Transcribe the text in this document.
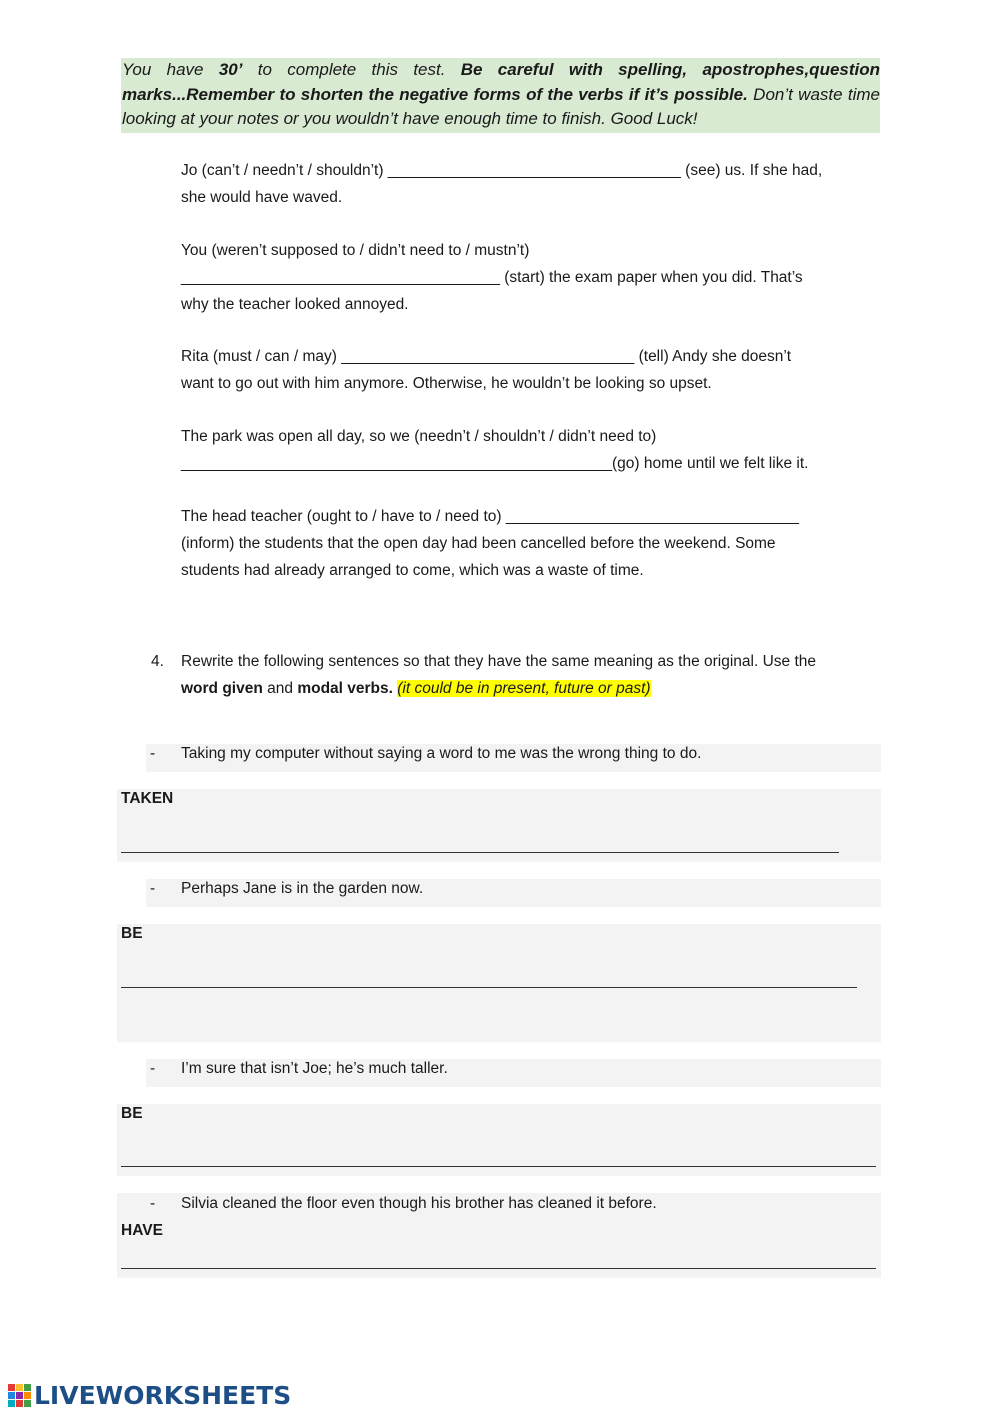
You have 30’ to complete this test. Be careful with spelling, apostrophes,question marks...Remember to shorten the negative forms of the verbs if it’s possible. Don’t waste time looking at your notes or you wouldn’t have enough time to finish. Good Luck!
Jo (can’t / needn’t / shouldn’t) __________________________________ (see) us. If she had,
she would have waved.
You (weren’t supposed to / didn’t need to / mustn’t)
_____________________________________ (start) the exam paper when you did. That’s
why the teacher looked annoyed.
Rita (must / can / may) __________________________________ (tell) Andy she doesn’t
want to go out with him anymore. Otherwise, he wouldn’t be looking so upset.
The park was open all day, so we (needn’t / shouldn’t / didn’t need to)
__________________________________________________(go) home until we felt like it.
The head teacher (ought to / have to / need to) __________________________________
(inform) the students that the open day had been cancelled before the weekend. Some
students had already arranged to come, which was a waste of time.
4. Rewrite the following sentences so that they have the same meaning as the original. Use the
word given and modal verbs. (it could be in present, future or past)
- Taking my computer without saying a word to me was the wrong thing to do.
TAKEN
- Perhaps Jane is in the garden now.
BE
- I’m sure that isn’t Joe; he’s much taller.
BE
- Silvia cleaned the floor even though his brother has cleaned it before.
HAVE
LIVEWORKSHEETS
